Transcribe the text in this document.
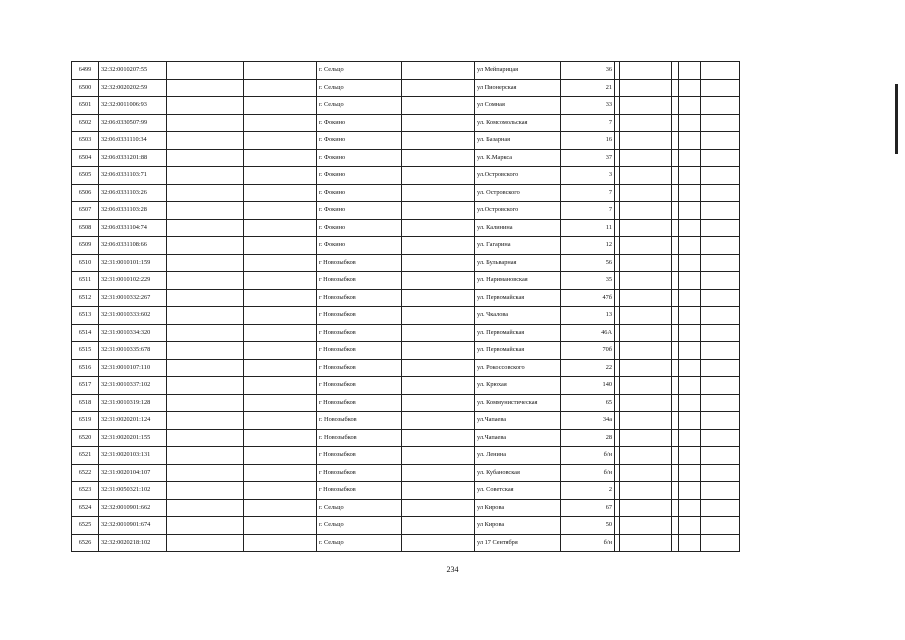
6499	32:32:0010207:55			г. Сельцо		ул Мейпарицая	36					
6500	32:32:0020202:59			г. Сельцо		ул Пионерская	21					
6501	32:32:0011006:93			г. Сельцо		ул Сомная	33					
6502	32:06:0330507:99			г. Фокино		ул. Комсомольская	7					
6503	32:06:0331110:34			г. Фокино		ул. Базарная	16					
6504	32:06:0331201:88			г. Фокино		ул. К.Маркса	37					
6505	32:06:0331103:71			г. Фокино		ул.Островского	3					
6506	32:06:0331103:26			г. Фокино		ул. Островского	7					
6507	32:06:0331103:28			г. Фокино		ул.Островского	7					
6508	32:06:0331104:74			г. Фокино		ул. Калинина	11					
6509	32:06:0331108:66			г. Фокино		ул. Гагарина	12					
6510	32:31:0010101:159			г Новозыбков		ул. Бульварная	56					
6511	32:31:0010102:229			г Новозыбков		ул. Наримановская	35					
6512	32:31:0010332:267			г Новозыбков		ул. Первомайская	47б					
6513	32:31:0010333:602			г Новозыбков		ул. Чкалова	13					
6514	32:31:0010334:320			г Новозыбков		ул. Первомайская	46А					
6515	32:31:0010335:678			г Новозыбков		ул. Первомайская	70б					
6516	32:31:0010107:110			г Новозыбков		ул. Рокоссовского	22					
6517	32:31:0010337:102			г Новозыбков		ул. Крюхая	140					
6518	32:31:0010319:128			г Новозыбков		ул. Коммунистическая	65					
6519	32:31:0020201:124			г. Новозыбков		ул.Чапаева	34а					
6520	32:31:0020201:155			г. Новозыбков		ул.Чапаева	28					
6521	32:31:0020103:131			г Новозыбков		ул. Ленина	б/н					
6522	32:31:0020104:107			г Новозыбков		ул. Кубановская	б/н					
6523	32:31:0050321:102			г Новозыбков		ул. Советская	2					
6524	32:32:0010901:662			г. Сельцо		ул Кирова	67					
6525	32:32:0010901:674			г. Сельцо		ул Кирова	50					
6526	32:32:0020218:102			г. Сельцо		ул 17 Сентября	б/н					
234
